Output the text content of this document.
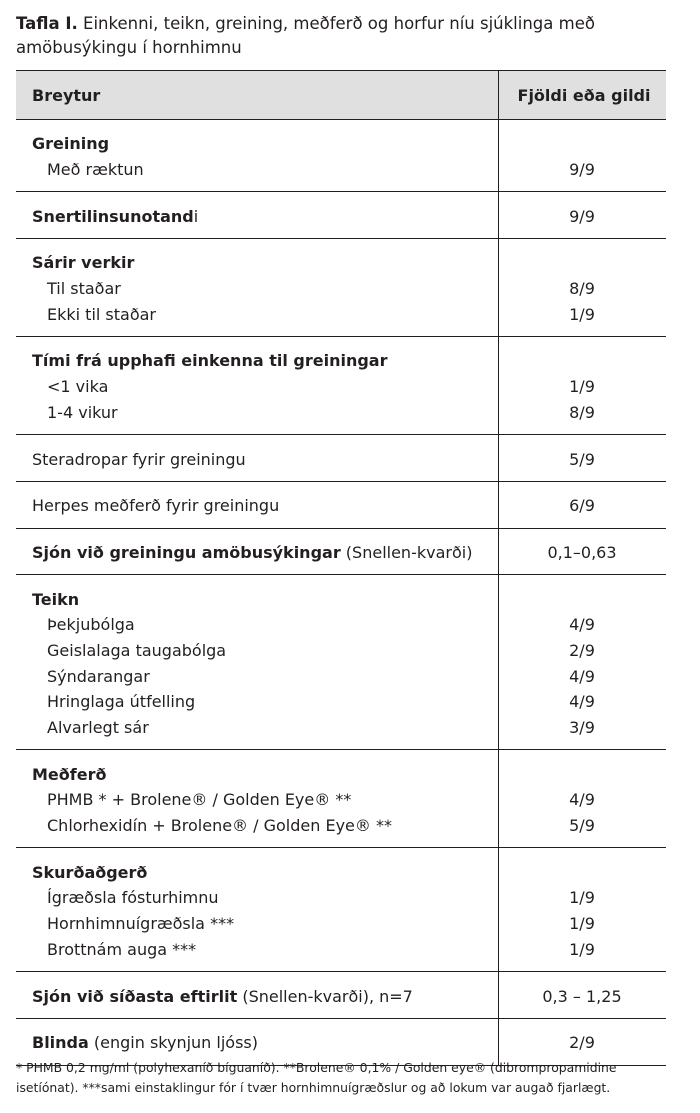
Tafla I. Einkenni, teikn, greining, meðferð og horfur níu sjúklinga með amöbusýkingu í hornhimnu
Breytur	Fjöldi eða gildi
Greining
Með ræktun	9/9
Snertilinsunotandi	9/9
Sárir verkir
Til staðar	8/9
Ekki til staðar	1/9
Tími frá upphafi einkenna til greiningar
<1 vika	1/9
1-4 vikur	8/9
Steradropar fyrir greiningu	5/9
Herpes meðferð fyrir greiningu	6/9
Sjón við greiningu amöbusýkingar (Snellen-kvarði)	0,1–0,63
Teikn
Þekjubólga	4/9
Geislalaga taugabólga	2/9
Sýndarangar	4/9
Hringlaga útfelling	4/9
Alvarlegt sár	3/9
Meðferð
PHMB * + Brolene® / Golden Eye® **	4/9
Chlorhexidín + Brolene® / Golden Eye® **	5/9
Skurðaðgerð
Ígræðsla fósturhimnu	1/9
Hornhimnuígræðsla ***	1/9
Brottnám auga ***	1/9
Sjón við síðasta eftirlit (Snellen-kvarði), n=7	0,3 – 1,25
Blinda (engin skynjun ljóss)	2/9
* PHMB 0,2 mg/ml (polyhexaníð bíguaníð). **Brolene® 0,1% / Golden eye® (dibrompropamidine
isetíónat). ***sami einstaklingur fór í tvær hornhimnuígræðslur og að lokum var augað fjarlægt.
